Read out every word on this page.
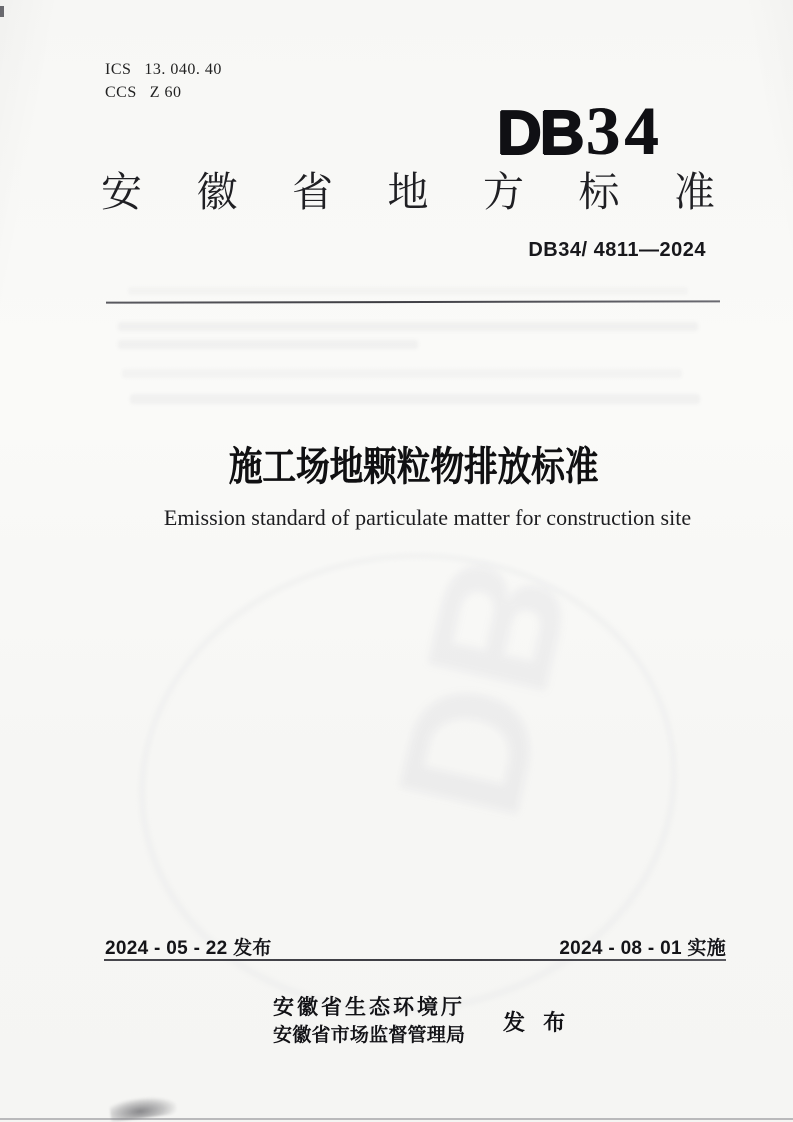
ICS 13. 040. 40
CCS Z 60
DB 34
安徽省地方标准
DB34/ 4811—2024
DB
施工场地颗粒物排放标准
Emission standard of particulate matter for construction site
2024 - 05 - 22 发布	2024 - 08 - 01 实施
安徽省生态环境厅
安徽省市场监督管理局
发 布
